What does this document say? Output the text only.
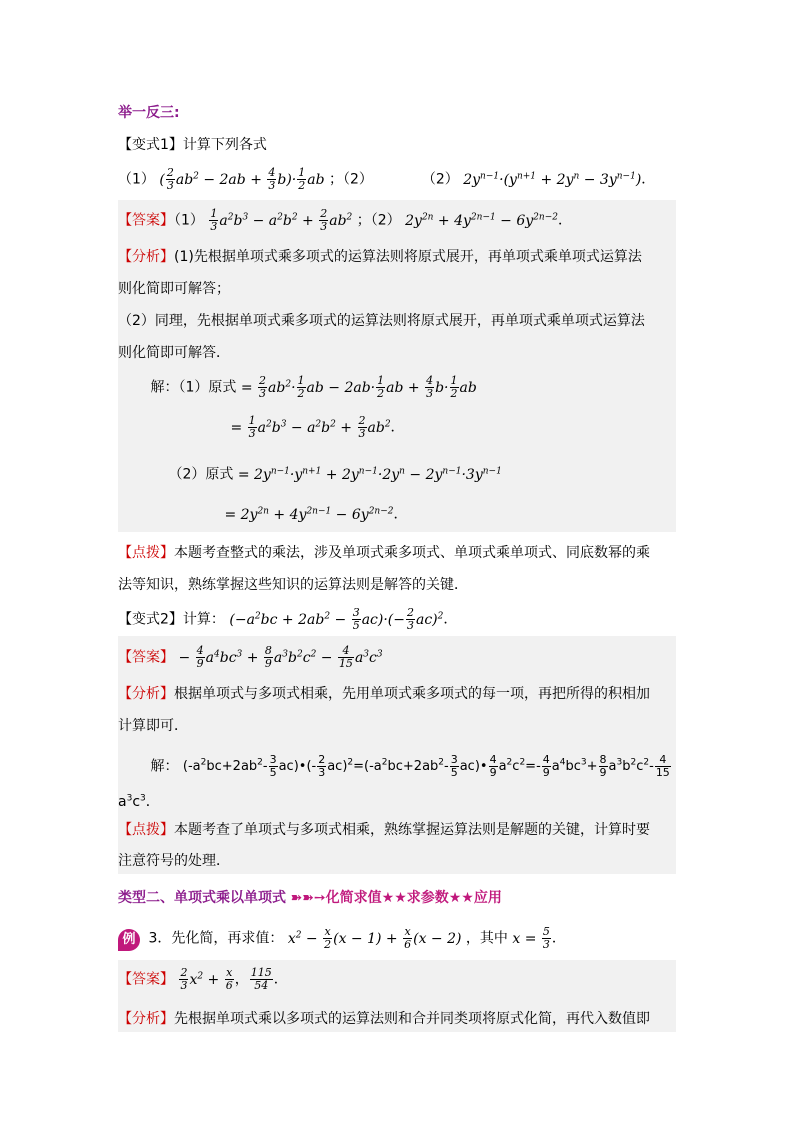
举一反三:
【变式1】计算下列各式
（1） ( $\frac{2}{3} ab^2 - 2ab + \frac{4}{3} b)\cdot \frac{1}{2}$ ab ；（2）	（2） $2y^{n-1}\cdot(y^{n+1} + 2y^n - 3y^{n-1})$．
【答案】$(1) \frac{1}{3} a^2b^3 - a^2b^2 + \frac{2}{3} ab^2$ ；（2） $2y^{2n} + 4y^{2n-1} - 6y^{2n-2}$．
【分析】(1)先根据单项式乘多项式的运算法则将原式展开，再单项式乘单项式运算法
则化简即可解答；
（2）同理，先根据单项式乘多项式的运算法则将原式展开，再单项式乘单项式运算法
则化简即可解答．
解：（1）原式 = $\frac{2}{3} ab^2\cdot \frac{1}{2}$ ab − $2ab\cdot \frac{1}{2}$ ab + $\frac{4}{3} b\cdot \frac{1}{2}$ ab
= $\frac{1}{3} a^2b^3 - a^2b^2 + \frac{2}{3} ab^2$．
（2）原式 = $2y^{n-1}\cdot y^{n+1} + 2y^{n-1}\cdot 2y^n - 2y^{n-1}\cdot 3y^{n-1}$
= $2y^{2n} + 4y^{2n-1} - 6y^{2n-2}$．
【点拨】本题考查整式的乘法，涉及单项式乘多项式、单项式乘单项式、同底数幂的乘
法等知识，熟练掌握这些知识的运算法则是解答的关键．
【变式2】计算： $(-a^2bc + 2ab^2 - \frac{3}{5} ac)\cdot(- \frac{2}{3} ac)^2$．
【答案】 − $\frac{4}{9} a^4bc^3 + \frac{8}{9} a^3b^2c^2 - \frac{4}{15} a^3c^3$
【分析】根据单项式与多项式相乘，先用单项式乘多项式的每一项，再把所得的积相加
计算即可．
解： ($-a^2bc+2ab^2- \frac{3}{5}$ ac)•(- $\frac{2}{3} ac)^2=(-a^2bc+2ab^2- \frac{3}{5}$ ac)• $\frac{4}{9} a^2c^2=- \frac{4}{9} a^4bc^3+ \frac{8}{9} a^3b^2c^2- \frac{4}{15}$
$a^3c^3$．
【点拨】本题考查了单项式与多项式相乘，熟练掌握运算法则是解题的关键，计算时要
注意符号的处理．
类型二、单项式乘以单项式 ➽➽➙化简求值★★求参数★★应用
例 3．先化简，再求值： $x^2 - \frac{x}{2} (x - 1) + \frac{x}{6} (x - 2)$ ，其中 $x = \frac{5}{3}$ ．
【答案】 $\frac{2}{3} x^2 + \frac{x}{6}$ ， $\frac{115}{54}$ ．
【分析】先根据单项式乘以多项式的运算法则和合并同类项将原式化简，再代入数值即
